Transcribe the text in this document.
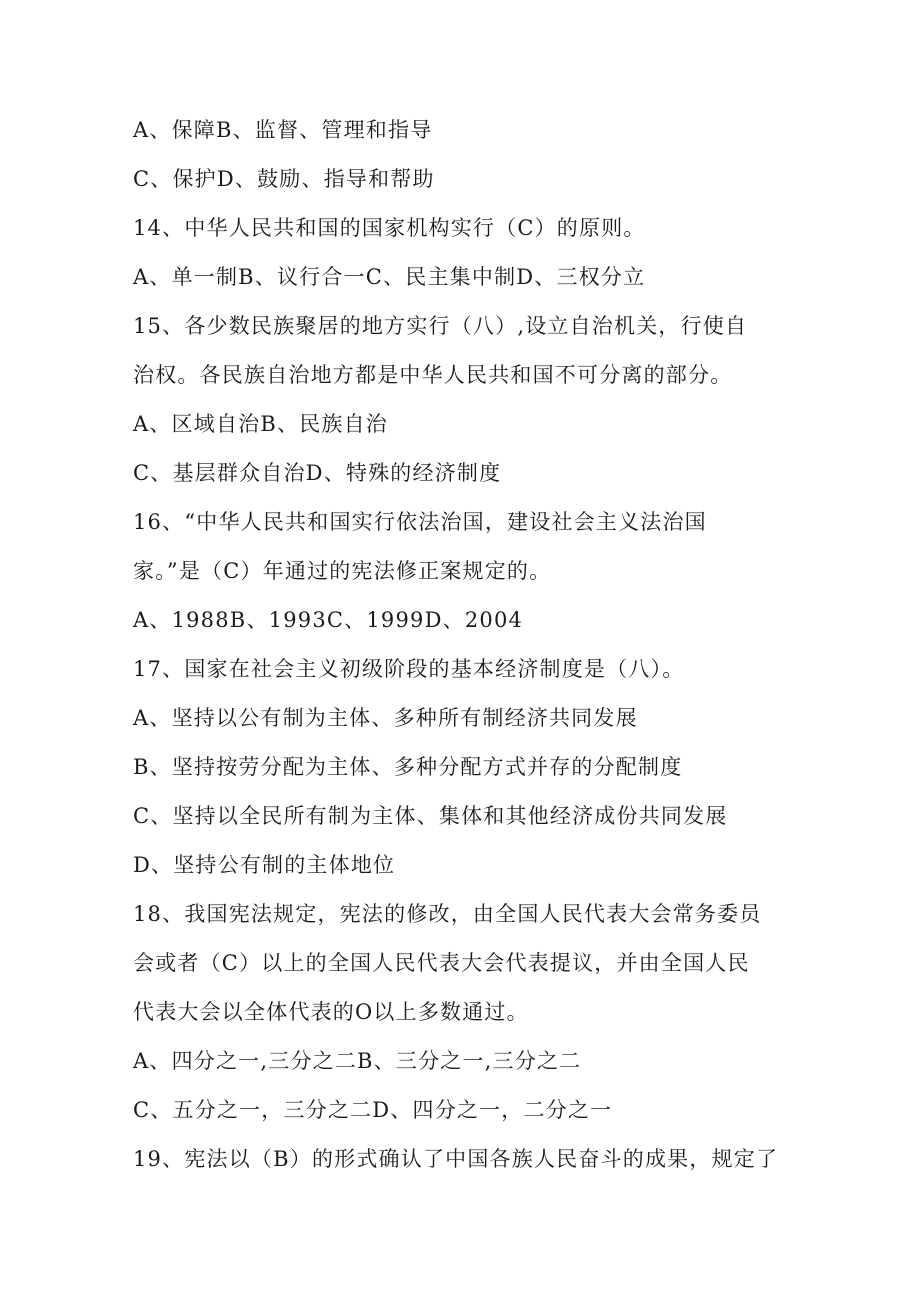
A、保障B、监督、管理和指导
C、保护D、鼓励、指导和帮助
14、中华人民共和国的国家机构实行（C）的原则。
A、单一制B、议行合一C、民主集中制D、三权分立
15、各少数民族聚居的地方实行（八）,设立自治机关，行使自
治权。各民族自治地方都是中华人民共和国不可分离的部分。
A、区域自治B、民族自治
C、基层群众自治D、特殊的经济制度
16、“中华人民共和国实行依法治国，建设社会主义法治国
家。”是（C）年通过的宪法修正案规定的。
A、1988B、1993C、1999D、2004
17、国家在社会主义初级阶段的基本经济制度是（八）。
A、坚持以公有制为主体、多种所有制经济共同发展
B、坚持按劳分配为主体、多种分配方式并存的分配制度
C、坚持以全民所有制为主体、集体和其他经济成份共同发展
D、坚持公有制的主体地位
18、我国宪法规定，宪法的修改，由全国人民代表大会常务委员
会或者（C）以上的全国人民代表大会代表提议，并由全国人民
代表大会以全体代表的O以上多数通过。
A、四分之一,三分之二B、三分之一,三分之二
C、五分之一，三分之二D、四分之一，二分之一
19、宪法以（B）的形式确认了中国各族人民奋斗的成果，规定了
